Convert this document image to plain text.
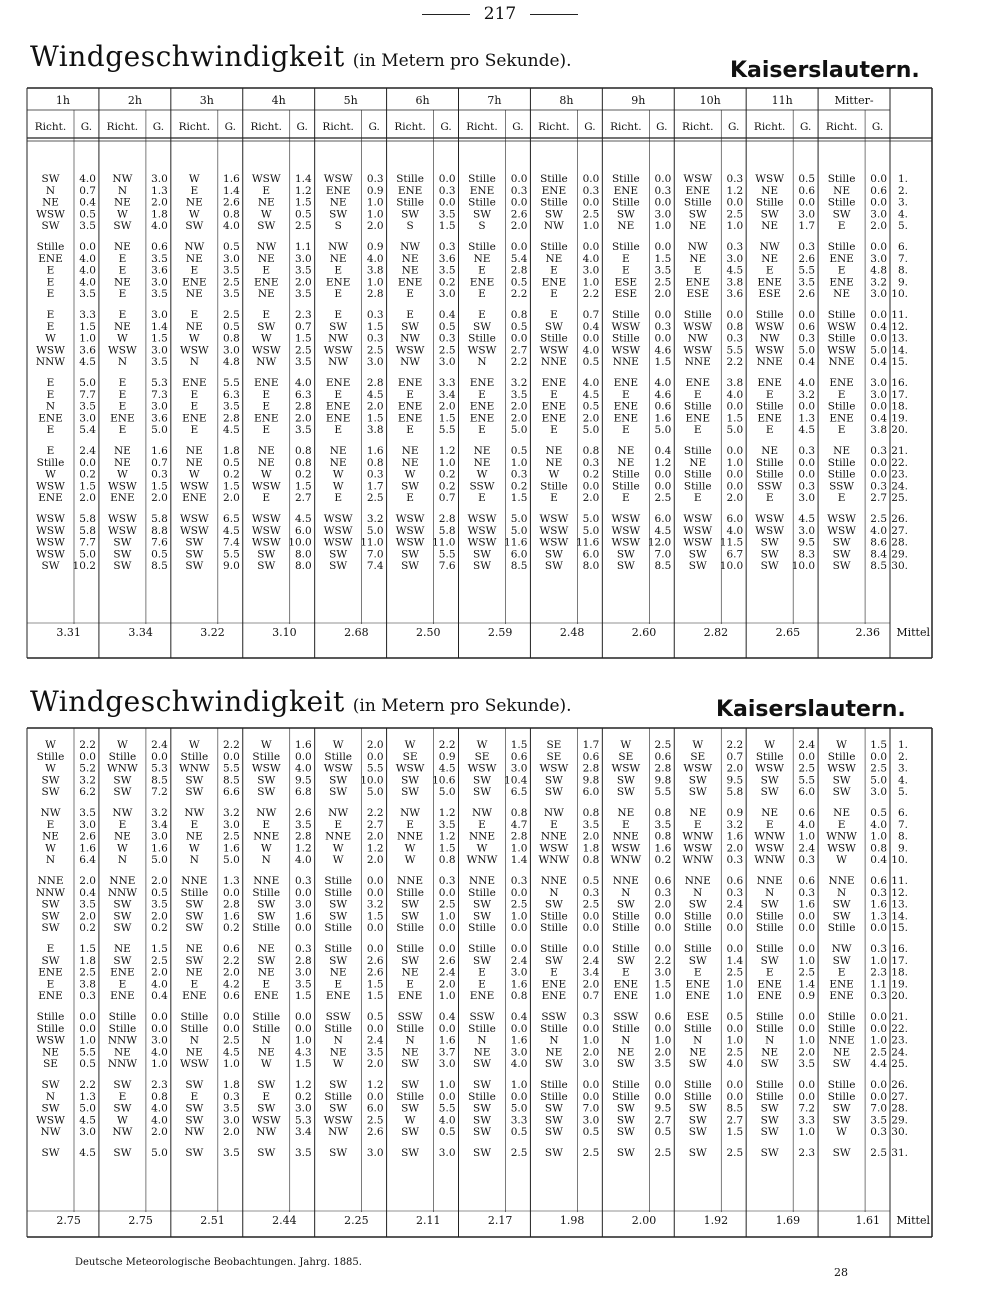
217
Windgeschwindigkeit (in Metern pro Sekunde).	Kaiserslautern.
Windgeschwindigkeit (in Metern pro Sekunde).	Kaiserslautern.
1h
Richt. G.
2h
Richt. G.
3h
Richt. G.
4h
Richt. G.
5h
Richt. G.
6h
Richt. G.
7h
Richt. G.
8h
Richt. G.
9h
Richt. G.
10h
Richt. G.
11h
Richt. G.
Mitter-
Richt. G.
SW 4.0 NW 3.0 W 1.6 WSW 1.4 WSW 0.3 Stille 0.0 Stille 0.0 Stille 0.0 Stille 0.0 WSW 0.3 WSW 0.5 Stille 0.0 1.
N 0.7 N 1.3 E 1.4 E 1.2 ENE 0.9 ENE 0.3 ENE 0.3 ENE 0.3 ENE 0.3 ENE 1.2 NE 0.6 NE 0.6 2.
NE 0.4 NE 2.0 NE 2.6 NE 1.5 NE 1.0 Stille 0.0 Stille 0.0 Stille 0.0 Stille 0.0 Stille 0.0 Stille 0.0 Stille 0.0 3.
WSW 0.5 W 1.8 W 0.8 W 0.5 SW 1.0 SW 3.5 SW 2.6 SW 2.5 SW 3.0 SW 2.5 SW 3.0 SW 3.0 4.
SW 3.5 SW 4.0 SW 4.0 SW 2.5 S 2.0 S 1.5 S 2.0 NW 1.0 NE 1.0 NE 1.0 NE 1.7 E 2.0 5.
Stille 0.0 NE 0.6 NW 0.5 NW 1.1 NW 0.9 NW 0.3 Stille 0.0 Stille 0.0 Stille 0.0 NW 0.3 NW 0.3 Stille 0.0 6.
ENE 4.0 E 3.5 NE 3.0 NE 3.0 NE 4.0 NE 3.6 NE 5.4 NE 4.0 E 1.5 NE 3.0 NE 2.6 ENE 3.0 7.
E 4.0 E 3.6 E 3.5 E 3.5 E 3.8 NE 3.5 E 2.8 E 3.0 E 3.5 E 4.5 E 5.5 E 4.8 8.
E 4.0 NE 3.0 ENE 2.5 ENE 2.0 ENE 1.0 ENE 0.2 ENE 0.5 ENE 1.0 ESE 2.5 ENE 3.8 ENE 3.5 ENE 3.2 9.
E 3.5 E 3.5 NE 3.5 NE 3.5 E 2.8 E 3.0 E 2.2 E 2.2 ESE 2.0 ESE 3.6 ESE 2.6 NE 3.0 10.
E 3.3 E 3.0 E 2.5 E 2.3 E 0.3 E 0.4 E 0.8 E 0.7 Stille 0.0 Stille 0.0 Stille 0.0 Stille 0.0 11.
E 1.5 NE 1.4 NE 0.5 SW 0.7 SW 1.5 SW 0.5 SW 0.5 SW 0.4 WSW 0.3 WSW 0.8 WSW 0.6 WSW 0.4 12.
W 1.0 W 1.5 W 0.8 W 1.5 NW 0.3 NW 0.3 Stille 0.0 Stille 0.0 Stille 0.0 NW 0.3 NW 0.3 Stille 0.0 13.
WSW 3.6 WSW 3.0 WSW 3.0 WSW 2.5 WSW 2.5 WSW 2.5 WSW 2.7 WSW 4.0 WSW 4.6 WSW 5.5 WSW 5.0 WSW 5.0 14.
NNW 4.5 N 3.5 N 4.8 NW 3.5 NW 3.0 NW 3.0 N 2.2 NNE 0.5 NNE 1.5 NNE 2.2 NNE 0.4 NNE 0.4 15.
E 5.0 E 5.3 ENE 5.5 ENE 4.0 ENE 2.8 ENE 3.3 ENE 3.2 ENE 4.0 ENE 4.0 ENE 3.8 ENE 4.0 ENE 3.0 16.
E 7.7 E 7.3 E 6.3 E 6.3 E 4.5 E 3.4 E 3.5 E 4.5 E 4.6 E 4.0 E 3.2 E 3.0 17.
N 3.5 E 3.0 E 3.5 E 2.8 ENE 2.0 ENE 2.0 ENE 2.0 ENE 0.5 ENE 0.6 Stille 0.0 Stille 0.0 Stille 0.0 18.
ENE 3.0 ENE 3.6 ENE 2.8 ENE 2.0 ENE 1.5 ENE 1.5 ENE 2.0 ENE 2.0 ENE 1.6 ENE 1.5 ENE 1.3 ENE 0.4 19.
E 5.4 E 5.0 E 4.5 E 3.5 E 3.8 E 5.5 E 5.0 E 5.0 E 5.0 E 5.0 E 4.5 E 3.8 20.
E 2.4 NE 1.6 NE 1.8 NE 0.8 NE 1.6 NE 1.2 NE 0.5 NE 0.8 NE 0.4 Stille 0.0 NE 0.3 NE 0.3 21.
Stille 0.0 NE 0.7 NE 0.5 NE 0.8 NE 0.8 NE 1.0 NE 1.0 NE 0.3 NE 1.2 NE 1.0 Stille 0.0 Stille 0.0 22.
W 0.2 W 0.3 W 0.2 W 0.2 W 0.3 W 0.2 W 0.3 W 0.2 Stille 0.0 Stille 0.0 Stille 0.0 Stille 0.0 23.
WSW 1.5 WSW 1.5 WSW 1.5 WSW 1.5 W 1.7 SW 0.2 SSW 0.2 Stille 0.0 Stille 0.0 Stille 0.0 SSW 0.3 SSW 0.3 24.
ENE 2.0 ENE 2.0 ENE 2.0 E 2.7 E 2.5 E 0.7 E 1.5 E 2.0 E 2.5 E 2.0 E 3.0 E 2.7 25.
WSW 5.8 WSW 5.8 WSW 6.5 WSW 4.5 WSW 3.2 WSW 2.8 WSW 5.0 WSW 5.0 WSW 6.0 WSW 6.0 WSW 4.5 WSW 2.5 26.
WSW 5.8 WSW 8.8 WSW 4.5 WSW 6.0 WSW 5.0 WSW 5.8 WSW 5.0 WSW 5.0 WSW 4.5 WSW 4.0 WSW 3.0 WSW 4.0 27.
WSW 7.7 SW 7.6 SW 7.4 WSW 10.0 WSW 11.0 WSW 11.0 WSW 11.6 WSW 11.6 WSW 12.0 WSW 11.5 SW 9.5 SW 8.6 28.
WSW 5.0 SW 0.5 SW 5.5 SW 8.0 SW 7.0 SW 5.5 SW 6.0 SW 6.0 SW 7.0 SW 6.7 SW 8.3 SW 8.4 29.
SW 10.2 SW 8.5 SW 9.0 SW 8.0 SW 7.4 SW 7.6 SW 8.5 SW 8.0 SW 8.5 SW 10.0 SW 10.0 SW 8.5 30.
3.31	3.34	3.22	3.10	2.68	2.50	2.59	2.48	2.60	2.82	2.65	2.36 Mittel
W 2.2 W 2.4 W 2.2 W 1.6 W 2.0 W 2.2 W 1.5 SE 1.7 W 2.5 W 2.2 W 2.4 W 1.5 1.
Stille 0.0 Stille 0.0 Stille 0.0 Stille 0.0 Stille 0.0 SE 0.9 SE 0.6 SE 0.6 SE 0.6 SE 0.7 Stille 0.0 Stille 0.0 2.
W 5.2 WNW 5.3 WNW 5.5 WSW 4.0 WSW 5.5 WSW 4.5 WSW 3.0 WSW 2.8 WSW 2.8 WSW 2.0 WSW 2.5 WSW 2.5 3.
SW 3.2 SW 8.5 SW 8.5 SW 9.5 SW 10.0 SW 10.6 SW 10.4 SW 9.8 SW 9.8 SW 9.5 SW 5.5 SW 5.0 4.
SW 6.2 SW 7.2 SW 6.6 SW 6.8 SW 5.0 SW 5.0 SW 6.5 SW 6.0 SW 5.5 SW 5.8 SW 6.0 SW 3.0 5.
NW 3.5 NW 3.2 NW 3.2 NW 2.6 NW 2.2 NW 1.2 NW 0.8 NW 0.8 NE 0.8 NE 0.9 NE 0.6 NE 0.5 6.
E 3.0 E 3.4 E 3.0 E 3.5 E 2.7 E 3.5 E 4.7 E 3.5 E 3.5 E 3.2 E 4.0 E 4.0 7.
NE 2.6 NE 3.0 NE 2.5 NNE 2.8 NNE 2.0 NNE 1.2 NNE 2.8 NNE 2.0 NNE 0.8 WNW 1.6 WNW 1.0 WNW 1.0 8.
W 1.6 W 1.6 W 1.6 W 1.2 W 1.2 W 1.5 W 1.0 WSW 1.8 WSW 1.6 WSW 2.0 WSW 2.4 WSW 0.8 9.
N 6.4 N 5.0 N 5.0 N 4.0 W 2.0 W 0.8 WNW 1.4 WNW 0.8 WNW 0.2 WNW 0.3 WNW 0.3 W 0.4 10.
NNE 2.0 NNE 2.0 NNE 1.3 NNE 0.3 Stille 0.0 NNE 0.3 NNE 0.3 NNE 0.5 NNE 0.6 NNE 0.6 NNE 0.6 NNE 0.6 11.
NNW 0.4 NNW 0.5 Stille 0.0 Stille 0.0 Stille 0.0 Stille 0.0 Stille 0.0 N 0.3 N 0.3 N 0.3 N 0.3 N 0.3 12.
SW 3.5 SW 3.5 SW 2.8 SW 3.0 SW 3.2 SW 2.5 SW 2.5 SW 2.5 SW 2.0 SW 2.4 SW 1.6 SW 1.6 13.
SW 2.0 SW 2.0 SW 1.6 SW 1.6 SW 1.5 SW 1.0 SW 1.0 Stille 0.0 Stille 0.0 Stille 0.0 Stille 0.0 SW 1.3 14.
SW 0.2 SW 0.2 SW 0.2 Stille 0.0 Stille 0.0 Stille 0.0 Stille 0.0 Stille 0.0 Stille 0.0 Stille 0.0 Stille 0.0 Stille 0.0 15.
E 1.5 NE 1.5 NE 0.6 NE 0.3 Stille 0.0 Stille 0.0 Stille 0.0 Stille 0.0 Stille 0.0 Stille 0.0 Stille 0.0 NW 0.3 16.
SW 1.8 SW 2.5 SW 2.2 SW 2.8 SW 2.6 SW 2.6 SW 2.4 SW 2.4 SW 2.2 SW 1.4 SW 1.0 SW 1.0 17.
ENE 2.5 ENE 2.0 NE 2.0 NE 3.0 NE 2.6 NE 2.4 E 3.0 E 3.4 E 3.0 E 2.5 E 2.5 E 2.3 18.
E 3.8 E 4.0 E 4.2 E 3.5 E 1.5 E 2.0 E 1.6 ENE 2.0 ENE 1.5 ENE 1.0 ENE 1.4 ENE 1.1 19.
ENE 0.3 ENE 0.4 ENE 0.6 ENE 1.5 ENE 1.5 ENE 1.0 ENE 0.8 ENE 0.7 ENE 1.0 ENE 1.0 ENE 0.9 ENE 0.3 20.
Stille 0.0 Stille 0.0 Stille 0.0 Stille 0.0 SSW 0.5 SSW 0.4 SSW 0.4 SSW 0.3 SSW 0.6 ESE 0.5 Stille 0.0 Stille 0.0 21.
Stille 0.0 Stille 0.0 Stille 0.0 Stille 0.0 Stille 0.0 Stille 0.0 Stille 0.0 Stille 0.0 Stille 0.0 Stille 0.0 Stille 0.0 Stille 0.0 22.
WSW 1.0 NNW 3.0 N 2.5 N 1.0 N 2.4 N 1.6 N 1.6 N 1.0 N 1.0 N 1.0 N 1.0 NNE 1.0 23.
NE 5.5 NE 4.0 NE 4.5 NE 4.3 NE 3.5 NE 3.7 NE 3.0 NE 2.0 NE 2.0 NE 2.5 NE 2.0 NE 2.5 24.
SE 0.5 NNW 1.0 WSW 1.0 W 1.5 W 2.0 SW 3.0 SW 4.0 SW 3.0 SW 3.5 SW 4.0 SW 3.5 SW 4.4 25.
SW 2.2 SW 2.3 SW 1.8 SW 1.2 SW 1.2 SW 1.0 SW 1.0 Stille 0.0 Stille 0.0 Stille 0.0 Stille 0.0 Stille 0.0 26.
N 1.3 E 0.8 E 0.3 E 0.2 Stille 0.0 Stille 0.0 Stille 0.0 Stille 0.0 Stille 0.0 Stille 0.0 Stille 0.0 Stille 0.0 27.
SW 5.0 SW 4.0 SW 3.5 SW 3.0 SW 6.0 SW 5.5 SW 5.0 SW 7.0 SW 9.5 SW 8.5 SW 7.2 SW 7.0 28.
WSW 4.5 W 4.0 SW 3.0 WSW 5.3 WSW 2.5 W 4.0 SW 3.3 SW 3.0 SW 2.7 SW 2.7 SW 3.3 SW 3.5 29.
NW 3.0 NW 2.0 NW 2.0 NW 3.4 NW 2.6 SW 0.5 SW 0.5 SW 0.5 SW 0.5 SW 1.5 SW 1.0 W 0.3 30.
SW 4.5 SW 5.0 SW 3.5 SW 3.5 SW 3.0 SW 3.0 SW 2.5 SW 2.5 SW 2.5 SW 2.5 SW 2.3 SW 2.5 31.
2.75	2.75	2.51	2.44	2.25	2.11	2.17	1.98	2.00	1.92	1.69	1.61 Mittel
Deutsche Meteorologische Beobachtungen. Jahrg. 1885.
28
